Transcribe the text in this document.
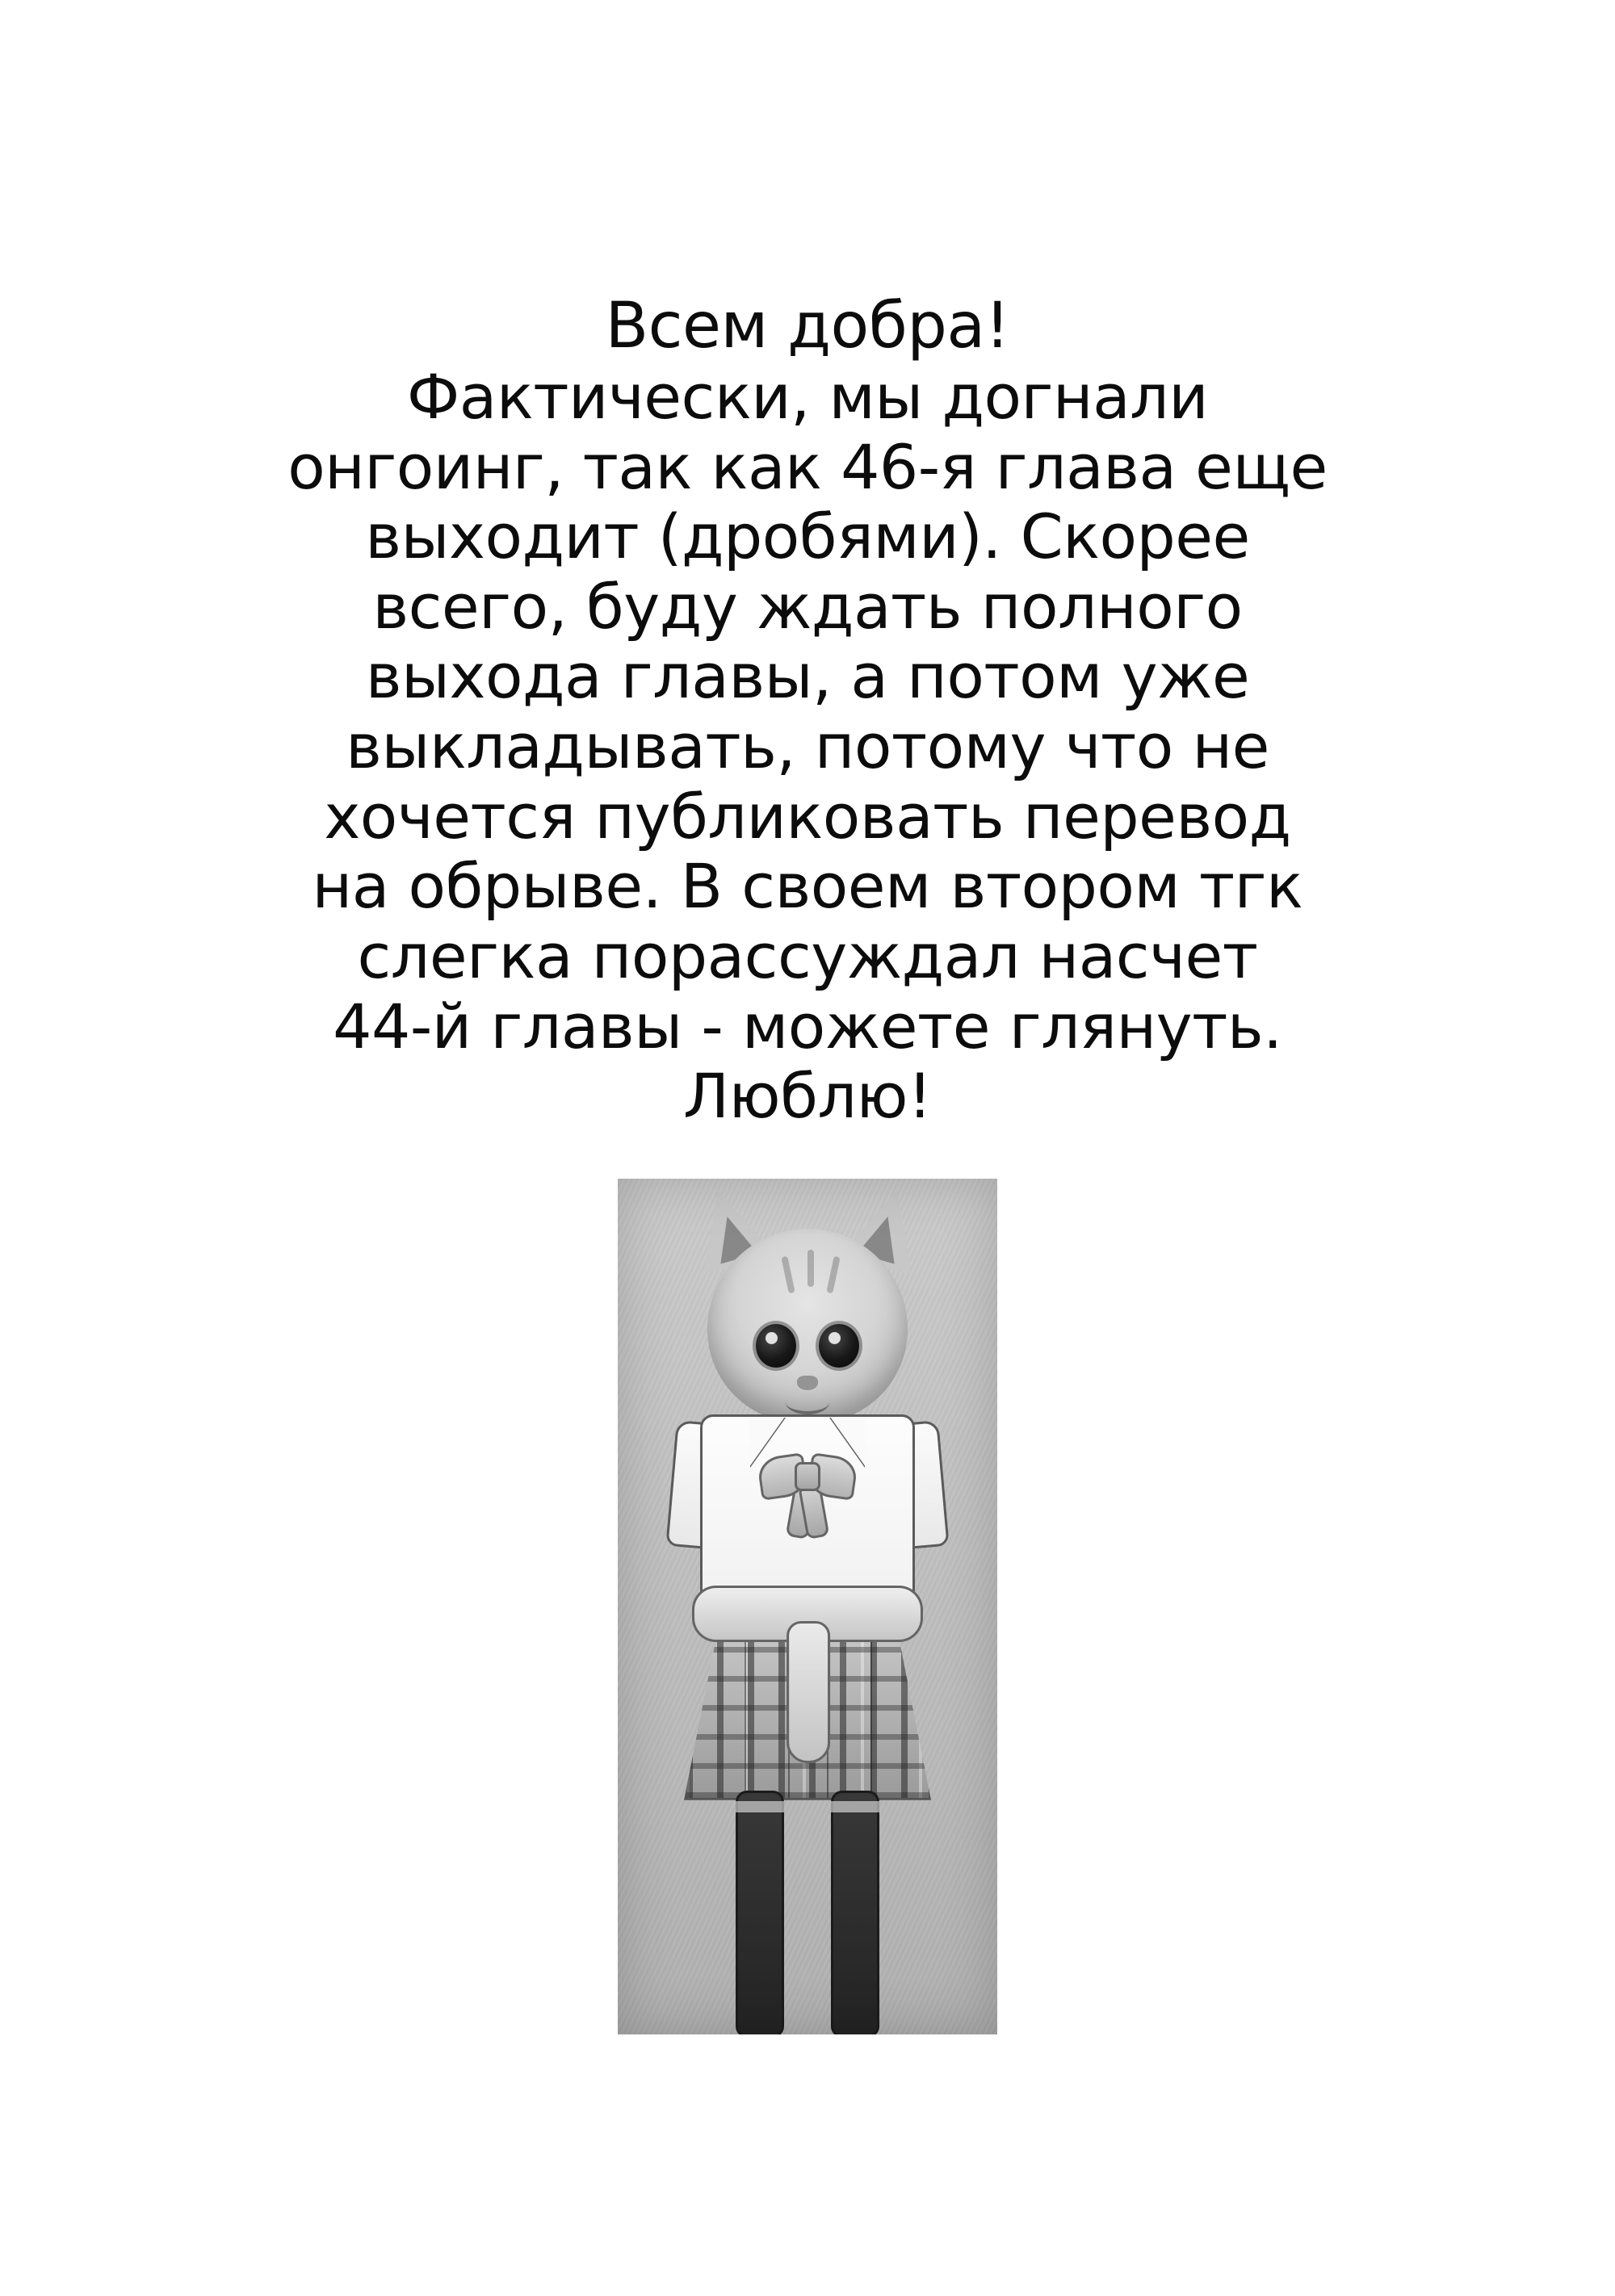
Всем добра!
Фактически, мы догнали
онгоинг, так как 46-я глава еще
выходит (дробями). Скорее
всего, буду ждать полного
выхода главы, а потом уже
выкладывать, потому что не
хочется публиковать перевод
на обрыве. В своем втором тгк
слегка порассуждал насчет
44-й главы - можете глянуть.
Люблю!
